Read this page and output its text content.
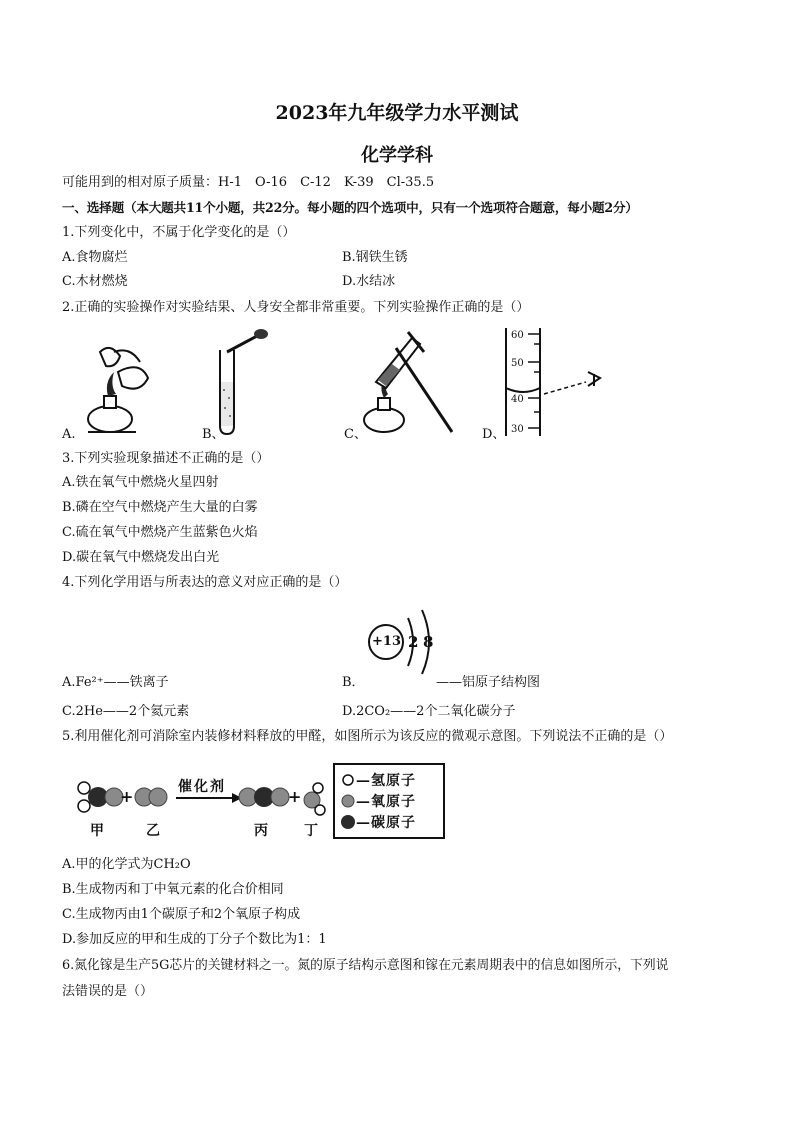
2023年九年级学力水平测试
化学学科
可能用到的相对原子质量：H-1　O-16　C-12　K-39　Cl-35.5
一、选择题（本大题共11个小题，共22分。每小题的四个选项中，只有一个选项符合题意，每小题2分）
1.下列变化中，不属于化学变化的是（）
A.食物腐烂	B.钢铁生锈
C.木材燃烧	D.水结冰
2.正确的实验操作对实验结果、人身安全都非常重要。下列实验操作正确的是（）
A.	B、	C、
60
50
40
30
D、
3.下列实验现象描述不正确的是（）
A.铁在氧气中燃烧火星四射
B.磷在空气中燃烧产生大量的白雾
C.硫在氧气中燃烧产生蓝紫色火焰
D.碳在氧气中燃烧发出白光
4.下列化学用语与所表达的意义对应正确的是（）
+13 2 8
A.Fe²⁺——铁离子	B．	——铝原子结构图
C.2He——2个氦元素	D.2CO₂——2个二氧化碳分子
5.利用催化剂可消除室内装修材料释放的甲醛，如图所示为该反应的微观示意图。下列说法不正确的是（）
+	+
催化剂
甲	乙	丙	丁
—氢原子
—氧原子
—碳原子
A.甲的化学式为CH₂O
B.生成物丙和丁中氧元素的化合价相同
C.生成物丙由1个碳原子和2个氧原子构成
D.参加反应的甲和生成的丁分子个数比为1：1
6.氮化镓是生产5G芯片的关键材料之一。氮的原子结构示意图和镓在元素周期表中的信息如图所示，下列说
法错误的是（）
